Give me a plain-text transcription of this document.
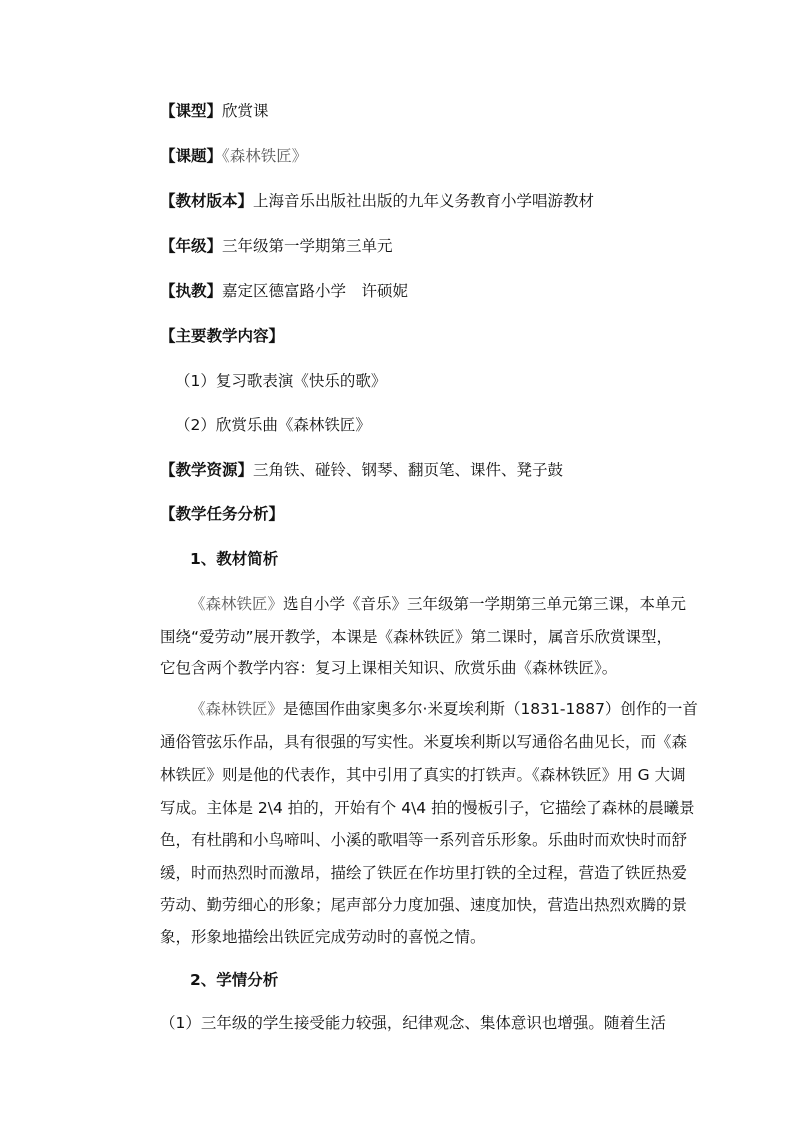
【课型】欣赏课
【课题】《森林铁匠》
【教材版本】上海音乐出版社出版的九年义务教育小学唱游教材
【年级】三年级第一学期第三单元
【执教】嘉定区德富路小学　许硕妮
【主要教学内容】
（1）复习歌表演《快乐的歌》
（2）欣赏乐曲《森林铁匠》
【教学资源】三角铁、碰铃、钢琴、翻页笔、课件、凳子鼓
【教学任务分析】
1、教材简析
《森林铁匠》选自小学《音乐》三年级第一学期第三单元第三课，本单元
围绕“爱劳动”展开教学，本课是《森林铁匠》第二课时，属音乐欣赏课型，
它包含两个教学内容：复习上课相关知识、欣赏乐曲《森林铁匠》。
《森林铁匠》是德国作曲家奥多尔·米夏埃利斯（1831-1887）创作的一首
通俗管弦乐作品，具有很强的写实性。米夏埃利斯以写通俗名曲见长，而《森
林铁匠》则是他的代表作，其中引用了真实的打铁声。《森林铁匠》用 G 大调
写成。主体是 2\4 拍的，开始有个 4\4 拍的慢板引子，它描绘了森林的晨曦景
色，有杜鹃和小鸟啼叫、小溪的歌唱等一系列音乐形象。乐曲时而欢快时而舒
缓，时而热烈时而激昂，描绘了铁匠在作坊里打铁的全过程，营造了铁匠热爱
劳动、勤劳细心的形象；尾声部分力度加强、速度加快，营造出热烈欢腾的景
象，形象地描绘出铁匠完成劳动时的喜悦之情。
2、学情分析
（1）三年级的学生接受能力较强，纪律观念、集体意识也增强。随着生活
